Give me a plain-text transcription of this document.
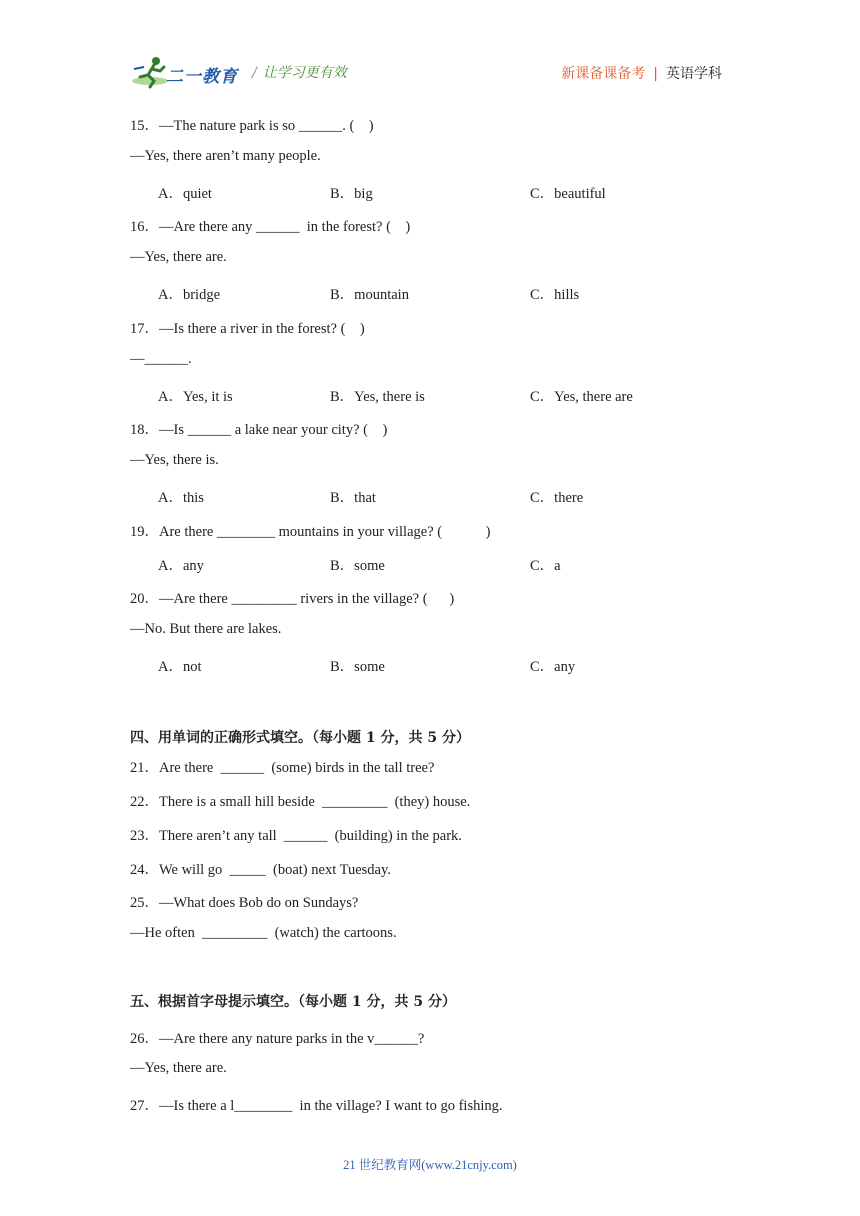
二一教育 / 让学习更有效	新课备课备考 | 英语学科
15．—The nature park is so ______. (    )
—Yes, there aren’t many people.
A．quiet	B．big	C．beautiful
16．—Are there any ______  in the forest? (    )
—Yes, there are.
A．bridge	B．mountain	C．hills
17．—Is there a river in the forest? (    )
—______.
A．Yes, it is	B．Yes, there is	C．Yes, there are
18．—Is ______ a lake near your city? (    )
—Yes, there is.
A．this	B．that	C．there
19．Are there ________ mountains in your village? (            )
A．any	B．some	C．a
20．—Are there _________ rivers in the village? (      )
—No. But there are lakes.
A．not	B．some	C．any
四、用单词的正确形式填空。（每小题 1 分，共 5 分）
21．Are there  ______  (some) birds in the tall tree?
22．There is a small hill beside  _________  (they) house.
23．There aren’t any tall  ______  (building) in the park.
24．We will go  _____  (boat) next Tuesday.
25．—What does Bob do on Sundays?
—He often  _________  (watch) the cartoons.
五、根据首字母提示填空。（每小题 1 分，共 5 分）
26．—Are there any nature parks in the v______?
—Yes, there are.
27．—Is there a l________  in the village? I want to go fishing.
21 世纪教育网(www.21cnjy.com)
